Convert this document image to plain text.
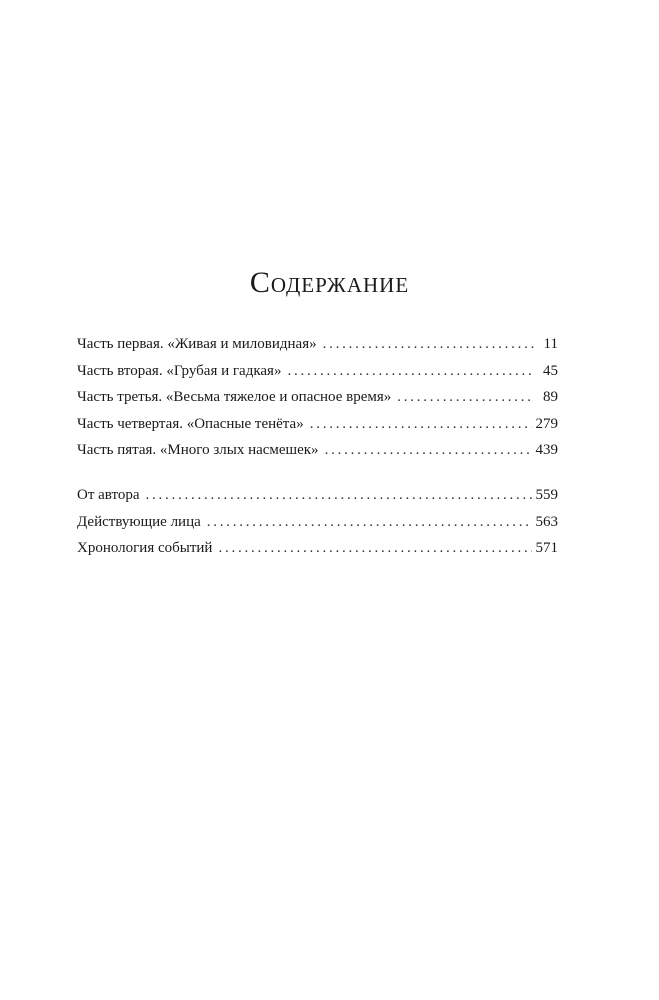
Содержание
Часть первая. «Живая и миловидная» . . .	11
Часть вторая. «Грубая и гадкая» . . .	45
Часть третья. «Весьма тяжелое и опасное время» . . .	89
Часть четвертая. «Опасные тенёта» . . .	279
Часть пятая. «Много злых насмешек» . . .	439
От автора . . .	559
Действующие лица . . .	563
Хронология событий . . .	571
